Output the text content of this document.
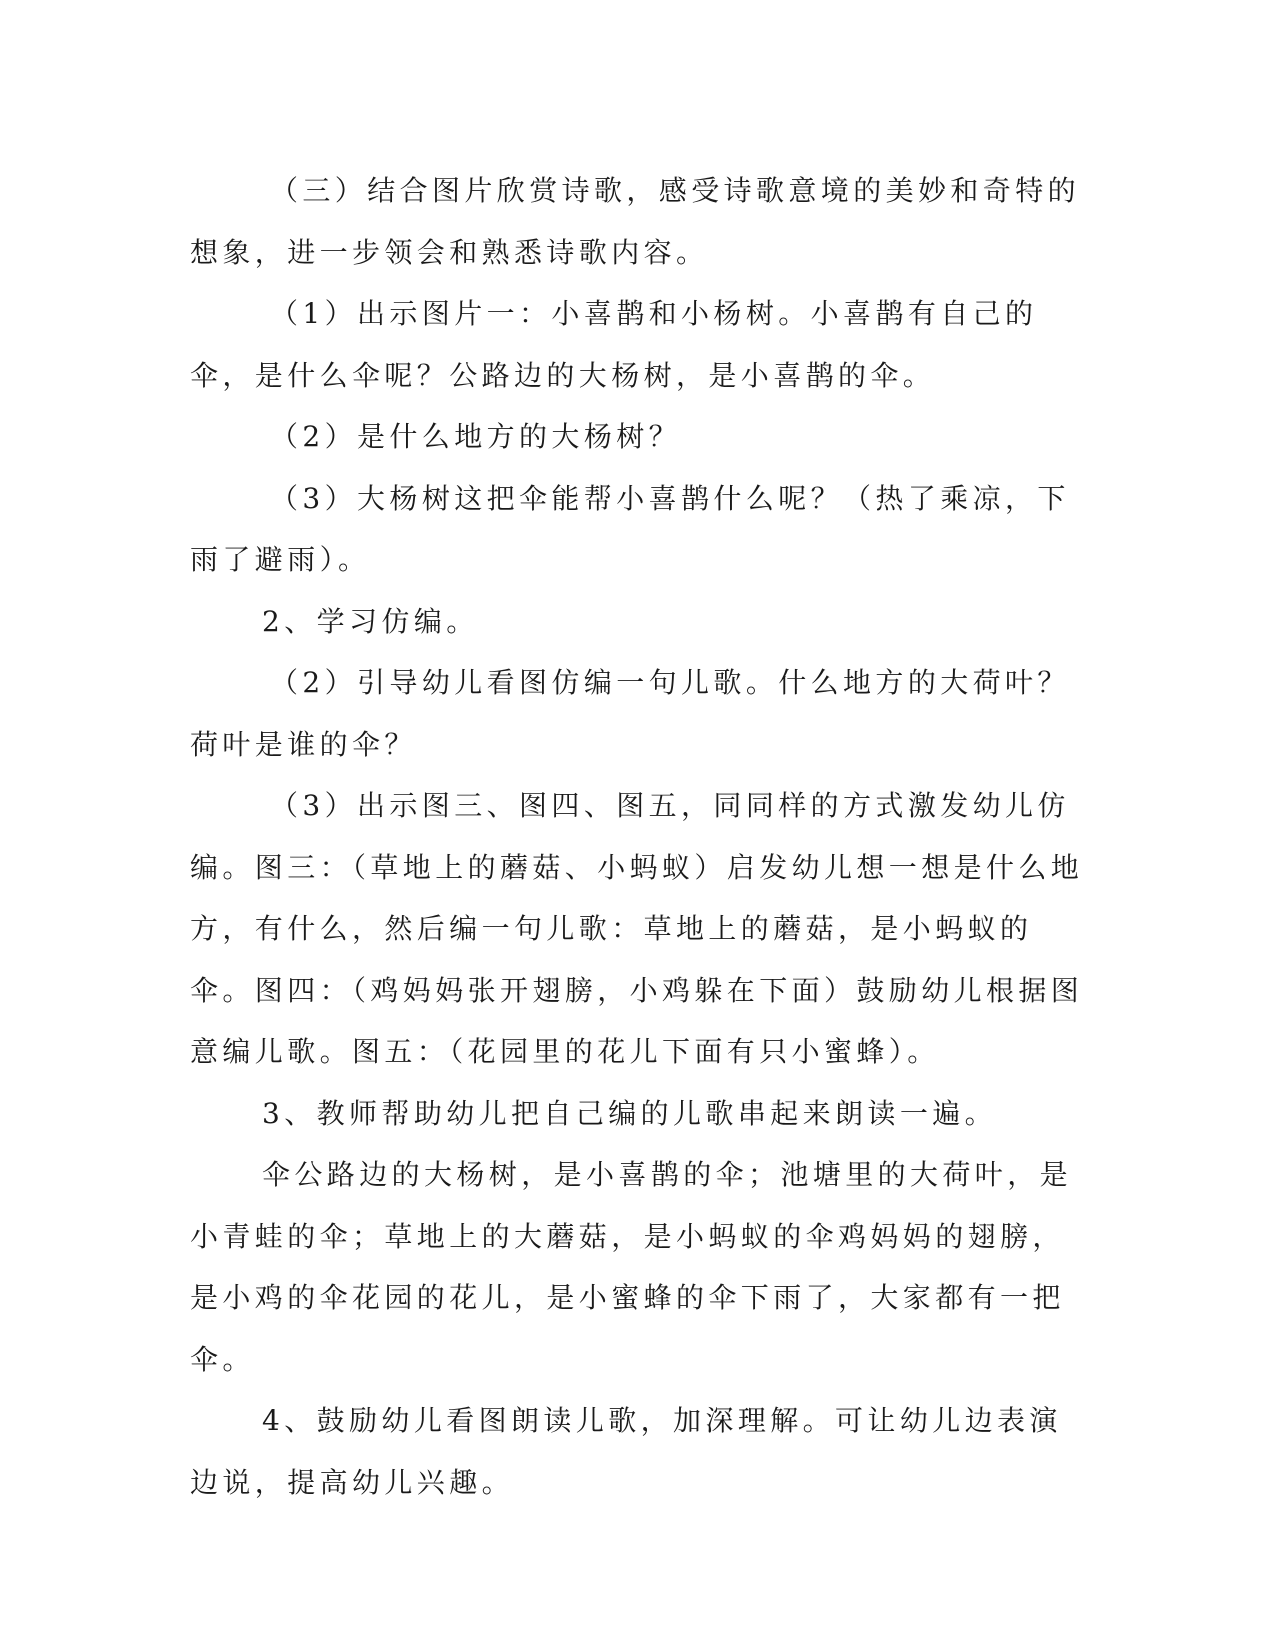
（三）结合图片欣赏诗歌，感受诗歌意境的美妙和奇特的想象，进一步领会和熟悉诗歌内容。

（1）出示图片一：小喜鹊和小杨树。小喜鹊有自己的伞，是什么伞呢？公路边的大杨树，是小喜鹊的伞。

（2）是什么地方的大杨树？

（3）大杨树这把伞能帮小喜鹊什么呢？（热了乘凉，下雨了避雨）。

2、学习仿编。

（2）引导幼儿看图仿编一句儿歌。什么地方的大荷叶？荷叶是谁的伞？

（3）出示图三、图四、图五，同同样的方式激发幼儿仿编。图三：（草地上的蘑菇、小蚂蚁）启发幼儿想一想是什么地方，有什么，然后编一句儿歌：草地上的蘑菇，是小蚂蚁的伞。图四：（鸡妈妈张开翅膀，小鸡躲在下面）鼓励幼儿根据图意编儿歌。图五：（花园里的花儿下面有只小蜜蜂）。

3、教师帮助幼儿把自己编的儿歌串起来朗读一遍。

伞公路边的大杨树，是小喜鹊的伞；池塘里的大荷叶，是小青蛙的伞；草地上的大蘑菇，是小蚂蚁的伞鸡妈妈的翅膀，是小鸡的伞花园的花儿，是小蜜蜂的伞下雨了，大家都有一把伞。

4、鼓励幼儿看图朗读儿歌，加深理解。可让幼儿边表演边说，提高幼儿兴趣。
